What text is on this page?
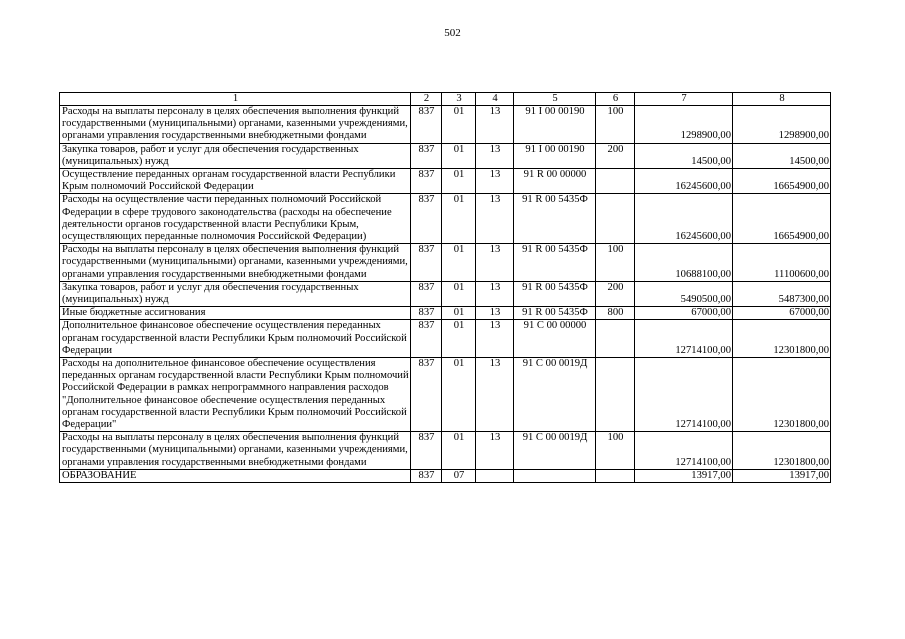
502
1	2	3	4	5	6	7	8
Расходы на выплаты персоналу в целях обеспечения выполнения функций государственными (муниципальными) органами, казенными учреждениями, органами управления государственными внебюджетными фондами	837	01	13	91 I 00 00190	100	1298900,00	1298900,00
Закупка товаров, работ и услуг для обеспечения государственных (муниципальных) нужд	837	01	13	91 I 00 00190	200	14500,00	14500,00
Осуществление переданных органам государственной власти Республики Крым полномочий Российской Федерации	837	01	13	91 R 00 00000		16245600,00	16654900,00
Расходы на осуществление части переданных полномочий Российской Федерации в сфере трудового законодательства (расходы на обеспечение деятельности органов государственной власти Республики Крым, осуществляющих переданные полномочия Российской Федерации)	837	01	13	91 R 00 5435Ф		16245600,00	16654900,00
Расходы на выплаты персоналу в целях обеспечения выполнения функций государственными (муниципальными) органами, казенными учреждениями, органами управления государственными внебюджетными фондами	837	01	13	91 R 00 5435Ф	100	10688100,00	11100600,00
Закупка товаров, работ и услуг для обеспечения государственных (муниципальных) нужд	837	01	13	91 R 00 5435Ф	200	5490500,00	5487300,00
Иные бюджетные ассигнования	837	01	13	91 R 00 5435Ф	800	67000,00	67000,00
Дополнительное финансовое обеспечение осуществления переданных органам государственной власти Республики Крым полномочий Российской Федерации	837	01	13	91 C 00 00000		12714100,00	12301800,00
Расходы на дополнительное финансовое обеспечение осуществления переданных органам государственной власти Республики Крым полномочий Российской Федерации в рамках непрограммного направления расходов "Дополнительное финансовое обеспечение осуществления переданных органам государственной власти Республики Крым полномочий Российской Федерации"	837	01	13	91 C 00 0019Д		12714100,00	12301800,00
Расходы на выплаты персоналу в целях обеспечения выполнения функций государственными (муниципальными) органами, казенными учреждениями, органами управления государственными внебюджетными фондами	837	01	13	91 C 00 0019Д	100	12714100,00	12301800,00
ОБРАЗОВАНИЕ	837	07				13917,00	13917,00
